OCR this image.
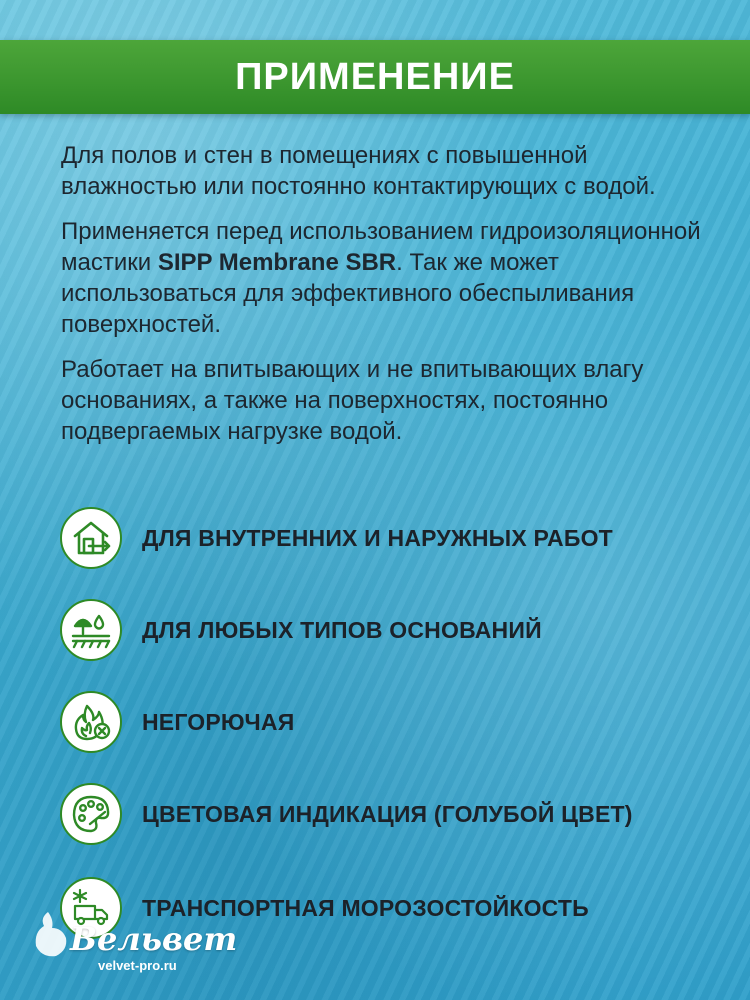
ПРИМЕНЕНИЕ

Для полов и стен в помещениях с повышенной влажностью или постоянно контактирующих с водой.

Применяется перед использованием гидроизоляционной мастики SIPP Membrane SBR. Так же может использоваться для эффективного обеспыливания поверхностей.

Работает на впитывающих и не впитывающих влагу основаниях, а также на поверхностях, постоянно подвергаемых нагрузке водой.

ДЛЯ ВНУТРЕННИХ И НАРУЖНЫХ РАБОТ
ДЛЯ ЛЮБЫХ ТИПОВ ОСНОВАНИЙ
НЕГОРЮЧАЯ
ЦВЕТОВАЯ ИНДИКАЦИЯ (ГОЛУБОЙ ЦВЕТ)
ТРАНСПОРТНАЯ МОРОЗОСТОЙКОСТЬ
Вельвет
velvet-pro.ru
